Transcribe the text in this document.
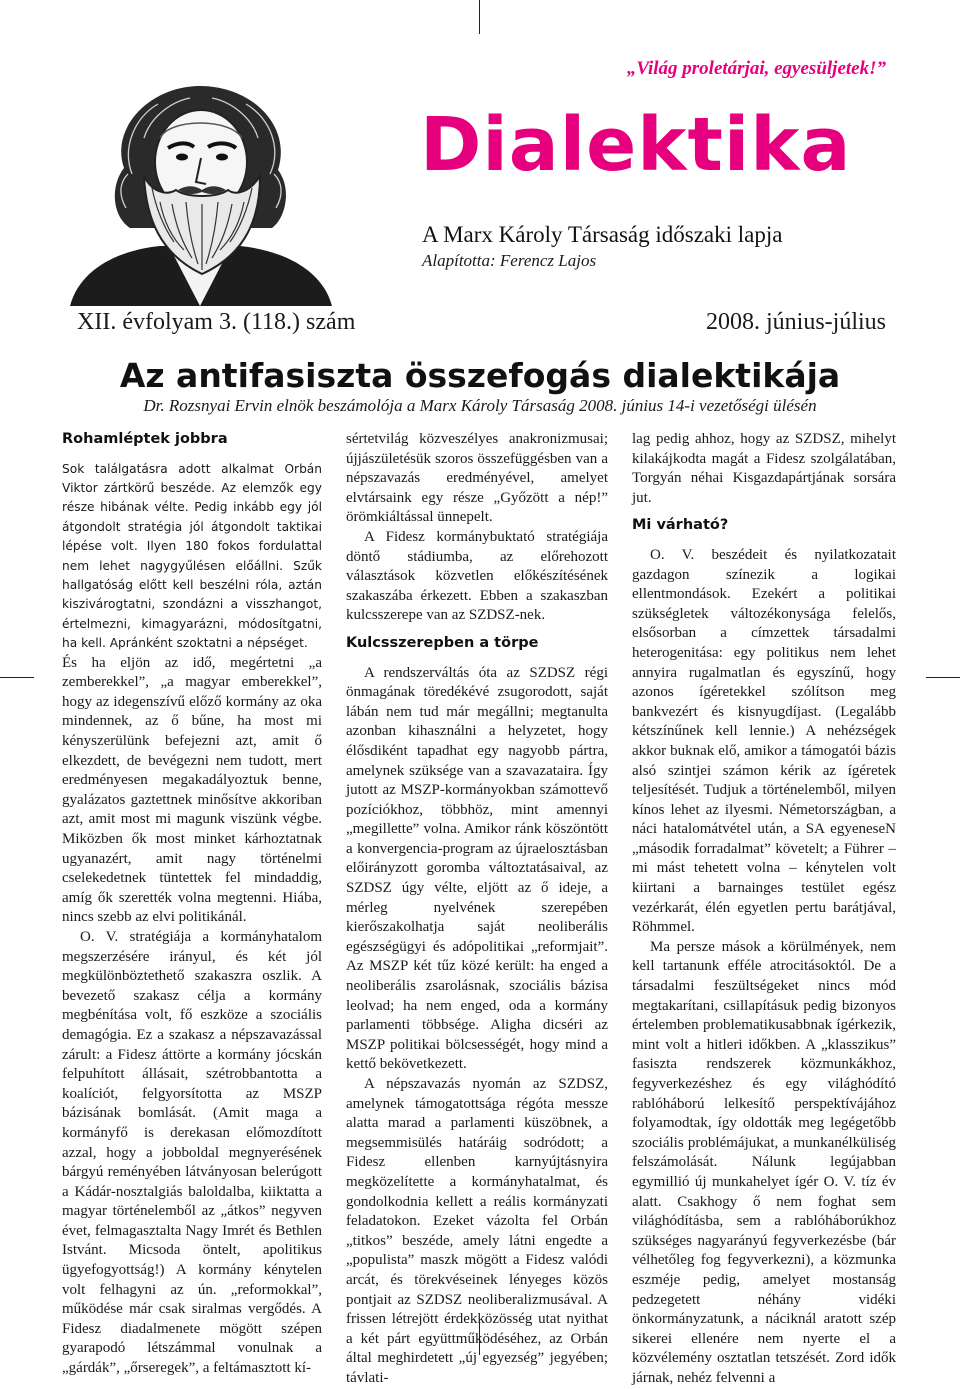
„Világ proletárjai, egyesüljetek!”
Dialektika
A Marx Károly Társaság időszaki lapja
Alapította: Ferencz Lajos
XII. évfolyam 3. (118.) szám	2008. június-július
Az antifasiszta összefogás dialektikája
Dr. Rozsnyai Ervin elnök beszámolója a Marx Károly Társaság 2008. június 14-i vezetőségi ülésén
Rohamléptek jobbra

Sok találgatásra adott alkalmat Orbán Viktor zártkörű beszéde. Az elemzők egy része hibának vélte. Pedig inkább egy jól átgondolt stratégia jól átgondolt taktikai lépése volt. Ilyen 180 fokos fordulattal nem lehet nagygyűlésen előállni. Szűk hallgatóság előtt kell beszélni róla, aztán kiszivárogtatni, szondázni a visszhangot, értelmezni, kimagyarázni, módosítgatni, ha kell. Apránként szoktatni a népséget.

És ha eljön az idő, megértetni „a zemberekkel”, „a magyar emberekkel”, hogy az idegenszívű előző kormány az oka mindennek, az ő bűne, ha most mi kényszerülünk befejezni azt, amit ő elkezdett, de bevégezni nem tudott, mert eredményesen megakadályoztuk benne, gyalázatos gaztettnek minősítve akkoriban azt, amit most mi magunk viszünk végbe. Miközben ők most minket kárhoztatnak ugyanazért, amit nagy történelmi cselekedetnek tüntettek fel mindaddig, amíg ők szerették volna megtenni. Hiába, nincs szebb az elvi politikánál.

O. V. stratégiája a kormányhatalom megszerzésére irányul, és két jól megkülönböztethető szakaszra oszlik. A bevezető szakasz célja a kormány megbénítása volt, fő eszköze a szociális demagógia. Ez a szakasz a népszavazással zárult: a Fidesz áttörte a kormány jócskán felpuhított állásait, szétrobbantotta a koalíciót, felgyorsította az MSZP bázisának bomlását. (Amit maga a kormányfő is derekasan előmozdított azzal, hogy a jobboldal megnyerésének bárgyú reményében látványosan belerúgott a Kádár-nosztalgiás baloldalba, kiiktatta a magyar történelemből az „átkos” negyven évet, felmagasztalta Nagy Imrét és Bethlen Istvánt. Micsoda öntelt, apolitikus ügyefogyottság!) A kormány kénytelen volt felhagyni az ún. „reformokkal”, működése már csak siralmas vergődés. A Fidesz diadalmenete mögött szépen gyarapodó létszámmal vonulnak a „gárdák”, „őrseregek”, a feltámasztott kí-

sértetvilág közveszélyes anakronizmusai; újjászületésük szoros összefüggésben van a népszavazás eredményével, amelyet elvtársaink egy része „Győzött a nép!” örömkiáltással ünnepelt.

A Fidesz kormánybuktató stratégiája döntő stádiumba, az előrehozott választások közvetlen előkészítésének szakaszába érkezett. Ebben a szakaszban kulcsszerepe van az SZDSZ-nek.

Kulcsszerepben a törpe

A rendszerváltás óta az SZDSZ régi önmagának töredékévé zsugorodott, saját lábán nem tud már megállni; megtanulta azonban kihasználni a helyzetet, hogy élősdiként tapadhat egy nagyobb pártra, amelynek szüksége van a szavazataira. Így jutott az MSZP-kormányokban számottevő pozíciókhoz, többhöz, mint amennyi „megillette” volna. Amikor ránk köszöntött a konvergencia-program az újraelosztásban előirányzott goromba változtatásaival, az SZDSZ úgy vélte, eljött az ő ideje, a mérleg nyelvének szerepében kierőszakolhatja saját neoliberális egészségügyi és adópolitikai „reformjait”. Az MSZP két tűz közé került: ha enged a neoliberális zsarolásnak, szociális bázisa leolvad; ha nem enged, oda a kormány parlamenti többsége. Aligha dicséri az MSZP politikai bölcsességét, hogy mind a kettő bekövetkezett.

A népszavazás nyomán az SZDSZ, amelynek támogatottsága régóta messze alatta marad a parlamenti küszöbnek, a megsemmisülés határáig sodródott; a Fidesz ellenben karnyújtásnyira megközelítette a kormányhatalmat, és gondolkodnia kellett a reális kormányzati feladatokon. Ezeket vázolta fel Orbán „titkos” beszéde, amely látni engedte a „populista” maszk mögött a Fidesz valódi arcát, és törekvéseinek lényeges közös pontjait az SZDSZ neoliberalizmusával. A frissen létrejött érdekközösség utat nyithat a két párt együttműködéséhez, az Orbán által meghirdetett „új egyezség” jegyében; távlati-

lag pedig ahhoz, hogy az SZDSZ, mihelyt kilakájkodta magát a Fidesz szolgálatában, Torgyán néhai Kisgazdapártjának sorsára jut.

Mi várható?

O. V. beszédeit és nyilatkozatait gazdagon színezik a logikai ellentmondások. Ezekért a politikai szükségletek változékonysága felelős, elsősorban a címzettek társadalmi heterogenitása: egy politikus nem lehet annyira rugalmatlan és egyszínű, hogy azonos ígéretekkel szólítson meg bankvezért és kisnyugdíjast. (Legalább kétszínűnek kell lennie.) A nehézségek akkor buknak elő, amikor a támogatói bázis alsó szintjei számon kérik az ígéretek teljesítését. Tudjuk a történelemből, milyen kínos lehet az ilyesmi. Németországban, a náci hatalomátvétel után, a SA egyeneseN „második forradalmat” követelt; a Führer – mi mást tehetett volna – kénytelen volt kiirtani a barnainges testület egész vezérkarát, élén egyetlen pertu barátjával, Röhmmel.

Ma persze mások a körülmények, nem kell tartanunk efféle atrocitásoktól. De a társadalmi feszültségeket nincs mód megtakarítani, csillapításuk pedig bizonyos értelemben problematikusabbnak ígérkezik, mint volt a hitleri időkben. A „klasszikus” fasiszta rendszerek közmunkákhoz, fegyverkezéshez és egy világhódító rablóháború lelkesítő perspektívájához folyamodtak, így oldották meg legégetőbb szociális problémájukat, a munkanélküliség felszámolását. Nálunk legújabban egymillió új munkahelyet ígér O. V. tíz év alatt. Csakhogy ő nem foghat sem világhódításba, sem a rablóháborúkhoz szükséges nagyarányú fegyverkezésbe (bár vélhetőleg fog fegyverkezni), a közmunka eszméje pedig, amelyet mostanság pedzegetett néhány vidéki önkormányzatunk, a náciknál aratott szép sikerei ellenére nem nyerte el a közvélemény osztatlan tetszését. Zord idők járnak, nehéz felvenni a
